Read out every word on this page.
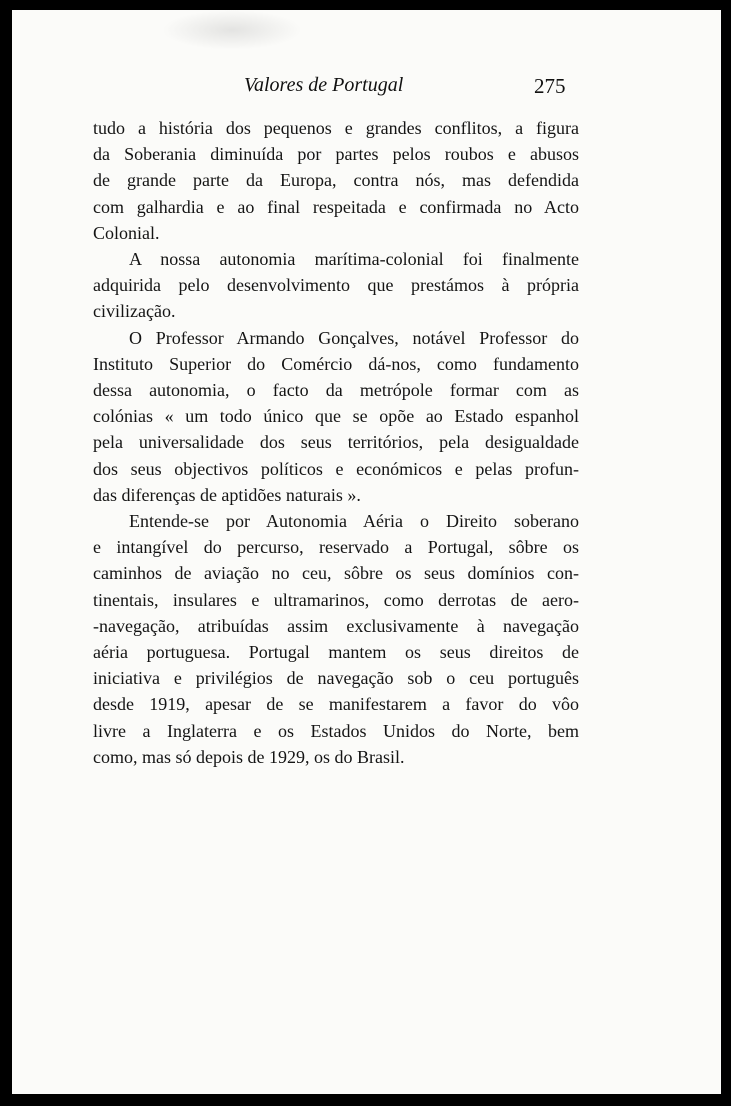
Valores de Portugal	275

tudo a história dos pequenos e grandes conflitos, a figura
da Soberania diminuída por partes pelos roubos e abusos
de grande parte da Europa, contra nós, mas defendida
com galhardia e ao final respeitada e confirmada no Acto
Colonial.

A nossa autonomia marítima-colonial foi finalmente
adquirida pelo desenvolvimento que prestámos à própria
civilização.

O Professor Armando Gonçalves, notável Professor do
Instituto Superior do Comércio dá-nos, como fundamento
dessa autonomia, o facto da metrópole formar com as
colónias « um todo único que se opõe ao Estado espanhol
pela universalidade dos seus territórios, pela desigualdade
dos seus objectivos políticos e económicos e pelas profun-
das diferenças de aptidões naturais ».

Entende-se por Autonomia Aéria o Direito soberano
e intangível do percurso, reservado a Portugal, sôbre os
caminhos de aviação no ceu, sôbre os seus domínios con-
tinentais, insulares e ultramarinos, como derrotas de aero-
-navegação, atribuídas assim exclusivamente à navegação
aéria portuguesa. Portugal mantem os seus direitos de
iniciativa e privilégios de navegação sob o ceu português
desde 1919, apesar de se manifestarem a favor do vôo
livre a Inglaterra e os Estados Unidos do Norte, bem
como, mas só depois de 1929, os do Brasil.
